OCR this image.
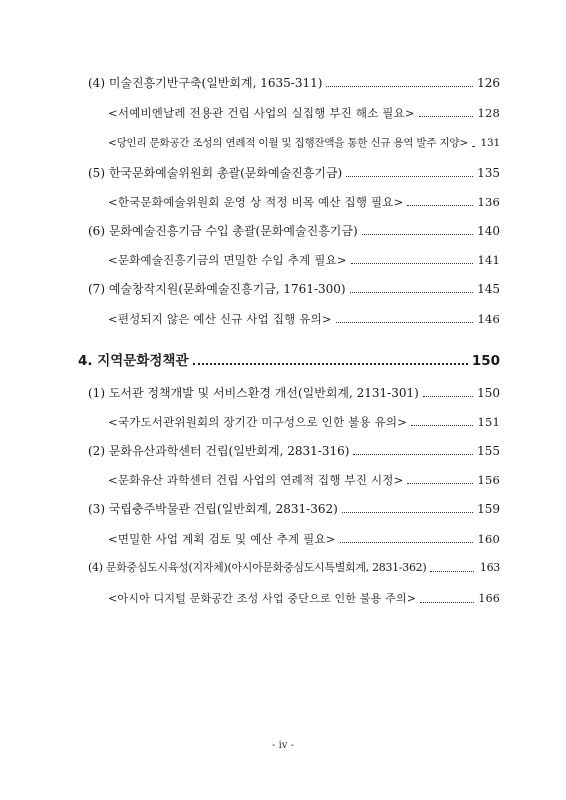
(4) 미술진흥기반구축(일반회계, 1635-311)	126
<서예비엔날레 전용관 건립 사업의 실집행 부진 해소 필요>	128
<당인리 문화공간 조성의 연례적 이월 및 집행잔액을 통한 신규 용역 발주 지양> 131
(5) 한국문화예술위원회 총괄(문화예술진흥기금)	135
<한국문화예술위원회 운영 상 적정 비목 예산 집행 필요>	136
(6) 문화예술진흥기금 수입 총괄(문화예술진흥기금)	140
<문화예술진흥기금의 면밀한 수입 추계 필요>	141
(7) 예술창작지원(문화예술진흥기금, 1761-300)	145
<편성되지 않은 예산 신규 사업 집행 유의>	146
4. 지역문화정책관	150
(1) 도서관 정책개발 및 서비스환경 개선(일반회계, 2131-301)	150
<국가도서관위원회의 장기간 미구성으로 인한 불용 유의>	151
(2) 문화유산과학센터 건립(일반회계, 2831-316)	155
<문화유산 과학센터 건립 사업의 연례적 집행 부진 시정>	156
(3) 국립충주박물관 건립(일반회계, 2831-362)	159
<면밀한 사업 계획 검토 및 예산 추계 필요>	160
(4) 문화중심도시육성(지자체)(아시아문화중심도시특별회계, 2831-362)	163
<아시아 디지털 문화공간 조성 사업 중단으로 인한 불용 주의>	166
- iv -
